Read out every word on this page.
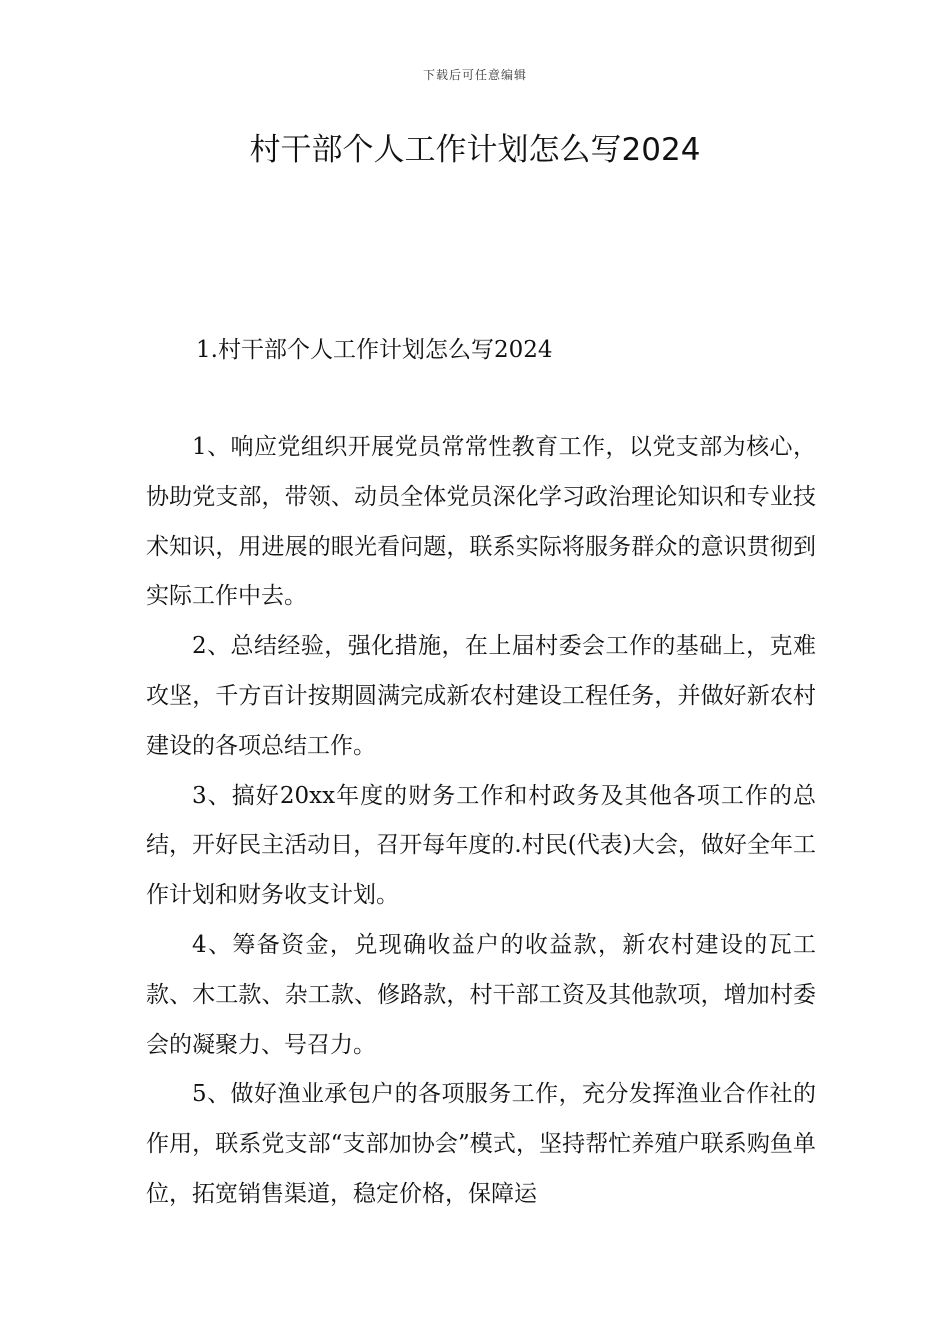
下载后可任意编辑
村干部个人工作计划怎么写2024
1.村干部个人工作计划怎么写2024

1、响应党组织开展党员常常性教育工作，以党支部为核心，协助党支部，带领、动员全体党员深化学习政治理论知识和专业技术知识，用进展的眼光看问题，联系实际将服务群众的意识贯彻到实际工作中去。

2、总结经验，强化措施，在上届村委会工作的基础上，克难攻坚，千方百计按期圆满完成新农村建设工程任务，并做好新农村建设的各项总结工作。

3、搞好20xx年度的财务工作和村政务及其他各项工作的总结，开好民主活动日，召开每年度的.村民(代表)大会，做好全年工作计划和财务收支计划。

4、筹备资金，兑现确收益户的收益款，新农村建设的瓦工款、木工款、杂工款、修路款，村干部工资及其他款项，增加村委会的凝聚力、号召力。

5、做好渔业承包户的各项服务工作，充分发挥渔业合作社的作用，联系党支部“支部加协会”模式，坚持帮忙养殖户联系购鱼单位，拓宽销售渠道，稳定价格，保障运
